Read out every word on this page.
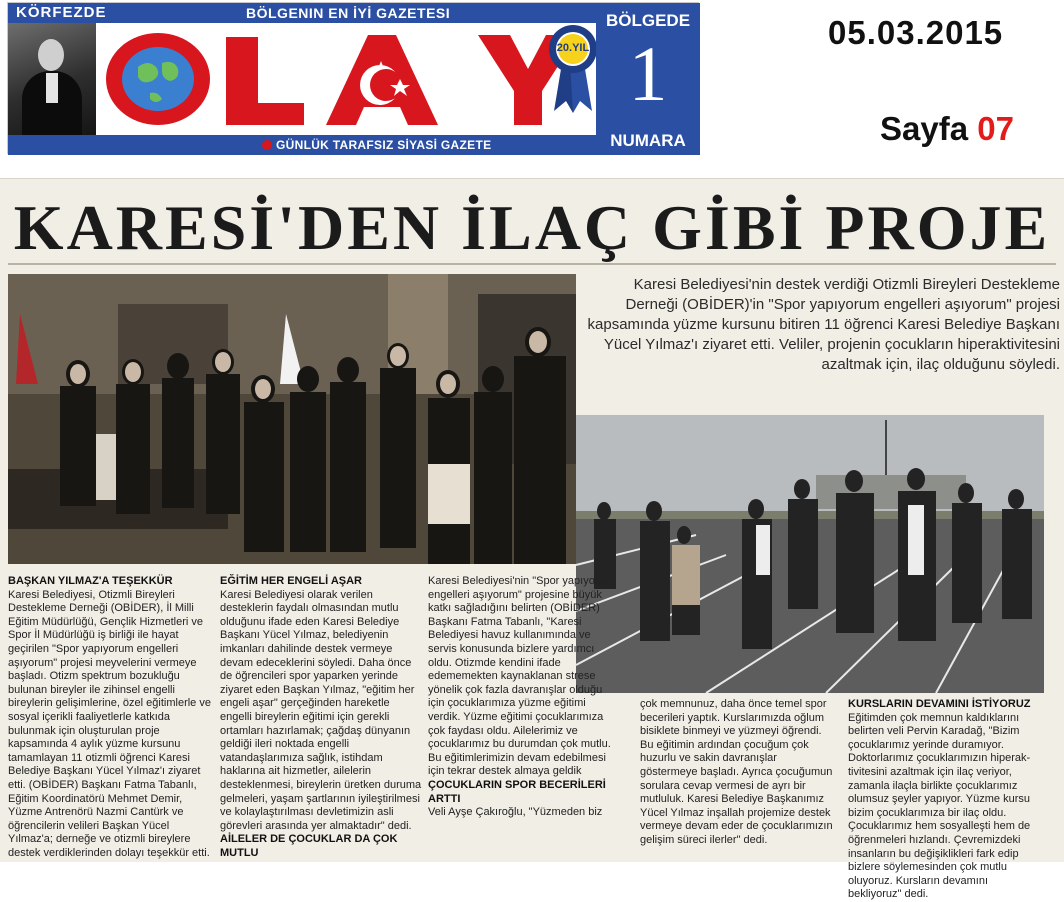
KÖRFEZDE	BÖLGENIN EN İYİ GAZETESI
20.YIL
GÜNLÜK TARAFSIZ SİYASİ GAZETE
BÖLGEDE
1
NUMARA
05.03.2015
Sayfa 07
KARESİ'DEN İLAÇ GİBİ PROJE
Karesi Belediyesi'nin destek verdiği Otizmli Bireyleri Destekleme Derneği (OBİDER)'in "Spor yapıyorum engelleri aşıyorum" projesi kapsamında yüzme kursunu bitiren 11 öğrenci Karesi Belediye Başkanı Yücel Yılmaz'ı ziyaret etti. Veliler, projenin çocukların hiperaktivitesini azaltmak için, ilaç olduğunu söyledi.
BAŞKAN YILMAZ'A TEŞEKKÜR

Karesi Belediyesi, Otizmli Bireyleri Destekleme Derneği (OBİDER), İl Milli Eğitim Müdürlüğü, Gençlik Hizmetleri ve Spor İl Müdürlüğü iş birliği ile hayat geçirilen "Spor yapıyorum engelleri aşıyorum" projesi meyvelerini vermeye başladı. Otizm spektrum bozukluğu bulunan bireyler ile zihinsel engelli bireylerin gelişimlerine, özel eğitimlerle ve sosyal içerikli faaliyetlerle katkıda bulunmak için oluşturulan proje kapsamında 4 aylık yüzme kursunu tamamlayan 11 otizmli öğrenci Karesi Belediye Başkanı Yücel Yılmaz'ı ziyaret etti. (OBİDER) Başkanı Fatma Tabanlı, Eğitim Koordinatörü Mehmet Demir, Yüzme Antrenörü Nazmi Cantürk ve öğrencilerin velileri Başkan Yücel Yılmaz'a; derneğe ve otizmli bireylere destek verdiklerinden dolayı teşekkür etti.

EĞİTİM HER ENGELİ AŞAR

Karesi Belediyesi olarak verilen desteklerin faydalı olmasından mutlu olduğunu ifade eden Karesi Belediye Başkanı Yücel Yılmaz, belediyenin imkanları dahilinde destek vermeye devam edeceklerini söyledi. Daha önce de öğrencileri spor yaparken yerinde ziyaret eden Başkan Yılmaz, "eğitim her engeli aşar" gerçeğinden hareketle engelli bireylerin eğitimi için gerekli ortamları hazırlamak; çağdaş dünyanın geldiği ileri noktada engelli vatandaşlarımıza sağlık, istihdam haklarına ait hizmetler, ailelerin desteklenmesi, bireylerin üretken duruma gelmeleri, yaşam şartlarının iyileştirilmesi ve kolaylaştırılması devletimizin asli görevleri arasında yer almaktadır" dedi.

AİLELER DE ÇOCUKLAR DA ÇOK MUTLU

Karesi Belediyesi'nin "Spor yapıyorum engelleri aşıyorum" projesine büyük katkı sağladığını belirten (OBİDER) Başkanı Fatma Tabanlı, "Karesi Belediyesi havuz kullanımında ve servis konusunda bizlere yardımcı oldu. Otizmde kendini ifade edememekten kaynaklanan strese yönelik çok fazla davranışlar olduğu için çocuklarımıza yüzme eğitimi verdik. Yüzme eğitimi çocuklarımıza çok faydası oldu. Ailelerimiz ve çocuklarımız bu durumdan çok mutlu. Bu eğitimlerimizin devam edebilmesi için tekrar destek almaya geldik

ÇOCUKLARIN SPOR BECERİLERİ ARTTI

Veli Ayşe Çakıroğlu, "Yüzmeden biz

çok memnunuz, daha önce temel spor becerileri yaptık. Kurslarımızda oğlum bisiklete binmeyi ve yüzmeyi öğrendi. Bu eğitimin ardından çocuğum çok huzurlu ve sakin davranışlar göstermeye başladı. Ayrıca çocuğumun sorulara cevap vermesi de ayrı bir mutluluk. Karesi Belediye Başkanımız Yücel Yılmaz inşallah projemize destek vermeye devam eder de çocuklarımızın gelişim süreci ilerler" dedi.

KURSLARIN DEVAMINI İSTİYORUZ

Eğitimden çok memnun kaldıklarını belirten veli Pervin Karadağ, "Bizim çocuklarımız yerinde duramıyor. Doktorlarımız çocuklarımızın hiperak-tivitesini azaltmak için ilaç veriyor, zamanla ilaçla birlikte çocuklarımız olumsuz şeyler yapıyor. Yüzme kursu bizim çocuklarımıza bir ilaç oldu. Çocuklarımız hem sosyalleşti hem de öğrenmeleri hızlandı. Çevremizdeki insanların bu değişiklikleri fark edip bizlere söylemesinden çok mutlu oluyoruz. Kursların devamını bekliyoruz" dedi.
